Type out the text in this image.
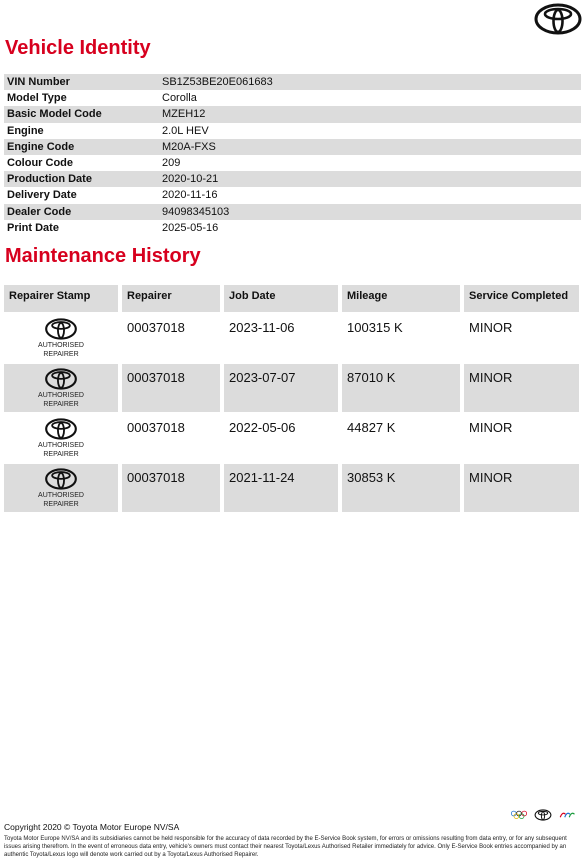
Vehicle Identity
VIN Number	SB1Z53BE20E061683
Model Type	Corolla
Basic Model Code	MZEH12
Engine	2.0L HEV
Engine Code	M20A-FXS
Colour Code	209
Production Date	2020-10-21
Delivery Date	2020-11-16
Dealer Code	94098345103
Print Date	2025-05-16
Maintenance History
Repairer Stamp	Repairer	Job Date	Mileage	Service Completed
AUTHORISED
REPAIRER
00037018	2023-11-06	100315 K	MINOR
AUTHORISED
REPAIRER
00037018	2023-07-07	87010 K	MINOR
AUTHORISED
REPAIRER
00037018	2022-05-06	44827 K	MINOR
AUTHORISED
REPAIRER
00037018	2021-11-24	30853 K	MINOR
Copyright 2020 © Toyota Motor Europe NV/SA
Toyota Motor Europe NV/SA and its subsidiaries cannot be held responsible for the accuracy of data recorded by the E-Service Book system, for errors or omissions resulting from data entry, or for any subsequent issues arising therefrom. In the event of erroneous data entry, vehicle's owners must contact their nearest Toyota/Lexus Authorised Retailer immediately for advice. Only E-Service Book entries accompanied by an authentic Toyota/Lexus logo will denote work carried out by a Toyota/Lexus Authorised Repairer.
